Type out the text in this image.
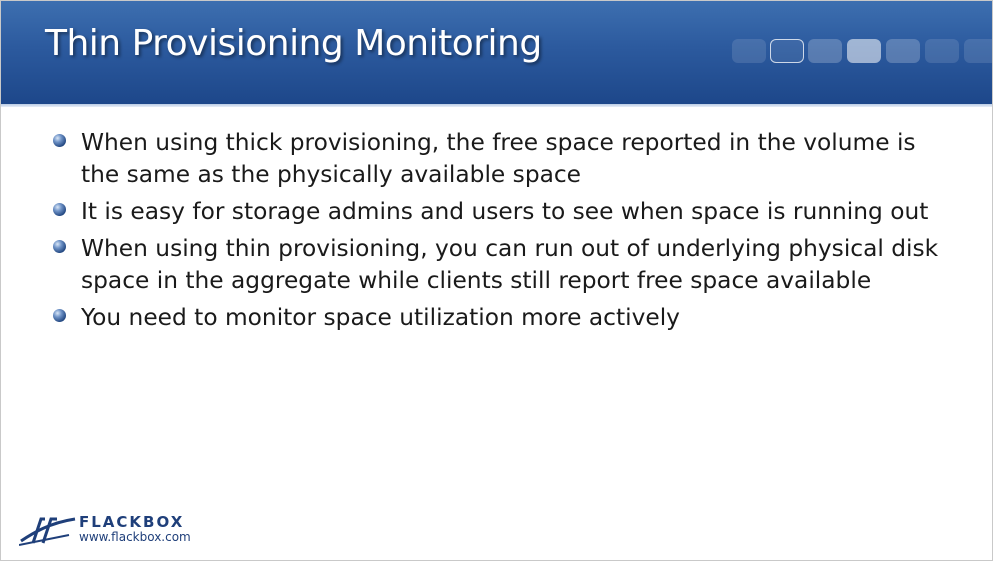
Thin Provisioning Monitoring
When using thick provisioning, the free space reported in the volume is the same as the physically available space
It is easy for storage admins and users to see when space is running out
When using thin provisioning, you can run out of underlying physical disk space in the aggregate while clients still report free space available
You need to monitor space utilization more actively
FLACKBOX
www.flackbox.com
